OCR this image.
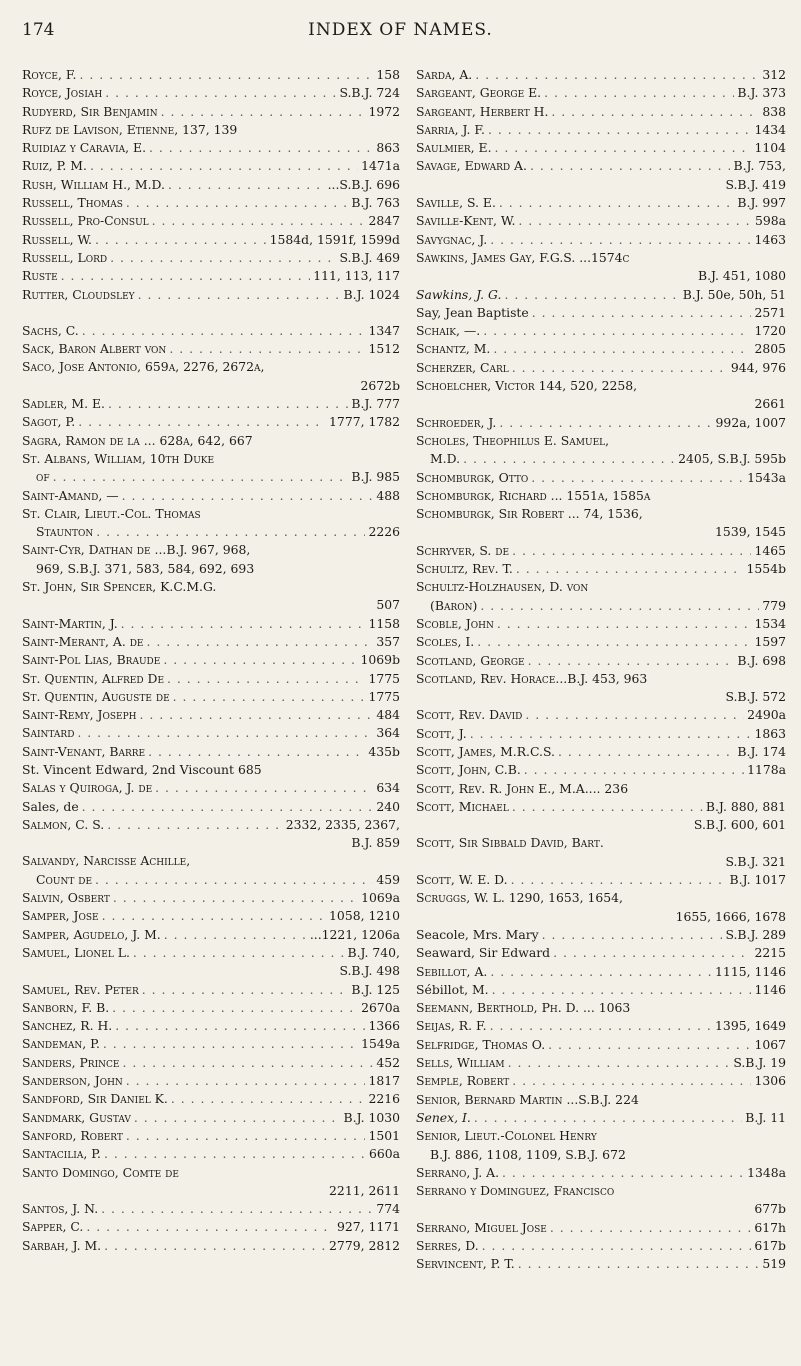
174	INDEX OF NAMES.
Royce, F. . . .	158
Royce, Josiah . . .	S.B.J. 724
Rudyerd, Sir Benjamin . . .	1972
Rufz de Lavison, Etienne, 137, 139
Ruidiaz y Caravia, E. . . .	863
Ruiz, P. M. . . .	1471a
Rush, William H., M.D. . . .	...S.B.J. 696
Russell, Thomas . . .	B.J. 763
Russell, Pro-Consul . . .	2847
Russell, W. . . .	1584d, 1591f, 1599d
Russell, Lord . . .	S.B.J. 469
Ruste . . .	111, 113, 117
Rutter, Cloudsley . . .	B.J. 1024
Sachs, C. . . .	1347
Sack, Baron Albert von . . .	1512
Saco, Jose Antonio, 659a, 2276, 2672a,
2672b
Sadler, M. E. . . .	B.J. 777
Sagot, P. . . .	1777, 1782
Sagra, Ramon de la ... 628a, 642, 667
St. Albans, William, 10th Duke
of . . .	B.J. 985
Saint-Amand, — . . .	488
St. Clair, Lieut.-Col. Thomas
Staunton . . .	2226
Saint-Cyr, Dathan de ...B.J. 967, 968,
969, S.B.J. 371, 583, 584, 692, 693
St. John, Sir Spencer, K.C.M.G.
507
Saint-Martin, J. . . .	1158
Saint-Merant, A. de . . .	357
Saint-Pol Lias, Braude . . .	1069b
St. Quentin, Alfred De . . .	1775
St. Quentin, Auguste de . . .	1775
Saint-Remy, Joseph . . .	484
Saintard . . .	364
Saint-Venant, Barre . . .	435b
St. Vincent Edward, 2nd Viscount 685
Salas y Quiroga, J. de . . .	634
Sales, de . . .	240
Salmon, C. S. . . .	2332, 2335, 2367,
B.J. 859
Salvandy, Narcisse Achille,
Count de . . .	459
Salvin, Osbert . . .	1069a
Samper, Jose . . .	1058, 1210
Samper, Agudelo, J. M. . . .	...1221, 1206a
Samuel, Lionel L. . . .	B.J. 740,
S.B.J. 498
Samuel, Rev. Peter . . .	B.J. 125
Sanborn, F. B. . . .	2670a
Sanchez, R. H. . . .	1366
Sandeman, P. . . .	1549a
Sanders, Prince . . .	452
Sanderson, John . . .	1817
Sandford, Sir Daniel K. . . .	2216
Sandmark, Gustav . . .	B.J. 1030
Sanford, Robert . . .	1501
Santacilia, P. . . .	660a
Santo Domingo, Comte de
2211, 2611
Santos, J. N. . . .	774
Sapper, C. . . .	927, 1171
Sarbah, J. M. . . .	2779, 2812
Sarda, A. . . .	312
Sargeant, George E. . . .	B.J. 373
Sargeant, Herbert H. . . .	838
Sarria, J. F. . . .	1434
Saulmier, E. . . .	1104
Savage, Edward A. . . .	B.J. 753,
S.B.J. 419
Saville, S. E. . . .	B.J. 997
Saville-Kent, W. . . .	598a
Savygnac, J. . . .	1463
Sawkins, James Gay, F.G.S. ...1574c
B.J. 451, 1080
Sawkins, J. G. . . .	B.J. 50e, 50h, 51
Say, Jean Baptiste . . .	2571
Schaik, —. . . .	1720
Schantz, M. . . .	2805
Scherzer, Carl . . .	944, 976
Schoelcher, Victor 144, 520, 2258,
2661
Schroeder, J. . . .	992a, 1007
Scholes, Theophilus E. Samuel,
M.D. . . .	2405, S.B.J. 595b
Schomburgk, Otto . . .	1543a
Schomburgk, Richard ... 1551a, 1585a
Schomburgk, Sir Robert ... 74, 1536,
1539, 1545
Schryver, S. de . . .	1465
Schultz, Rev. T. . . .	1554b
Schultz-Holzhausen, D. von
(Baron) . . .	779
Scoble, John . . .	1534
Scoles, I. . . .	1597
Scotland, George . . .	B.J. 698
Scotland, Rev. Horace...B.J. 453, 963
S.B.J. 572
Scott, Rev. David . . .	2490a
Scott, J. . . .	1863
Scott, James, M.R.C.S. . . .	B.J. 174
Scott, John, C.B. . . .	1178a
Scott, Rev. R. John E., M.A.... 236
Scott, Michael . . .	B.J. 880, 881
S.B.J. 600, 601
Scott, Sir Sibbald David, Bart.
S.B.J. 321
Scott, W. E. D. . . .	B.J. 1017
Scruggs, W. L. 1290, 1653, 1654,
1655, 1666, 1678
Seacole, Mrs. Mary . . .	S.B.J. 289
Seaward, Sir Edward . . .	2215
Sebillot, A. . . .	1115, 1146
Sébillot, M. . . .	1146
Seemann, Berthold, Ph. D. ... 1063
Seijas, R. F. . . .	1395, 1649
Selfridge, Thomas O. . . .	1067
Sells, William . . .	S.B.J. 19
Semple, Robert . . .	1306
Senior, Bernard Martin ...S.B.J. 224
Senex, I. . . .	B.J. 11
Senior, Lieut.-Colonel Henry
B.J. 886, 1108, 1109, S.B.J. 672
Serrano, J. A. . . .	1348a
Serrano y Dominguez, Francisco
677b
Serrano, Miguel Jose . . .	617h
Serres, D. . . .	617b
Servincent, P. T. . . .	519
